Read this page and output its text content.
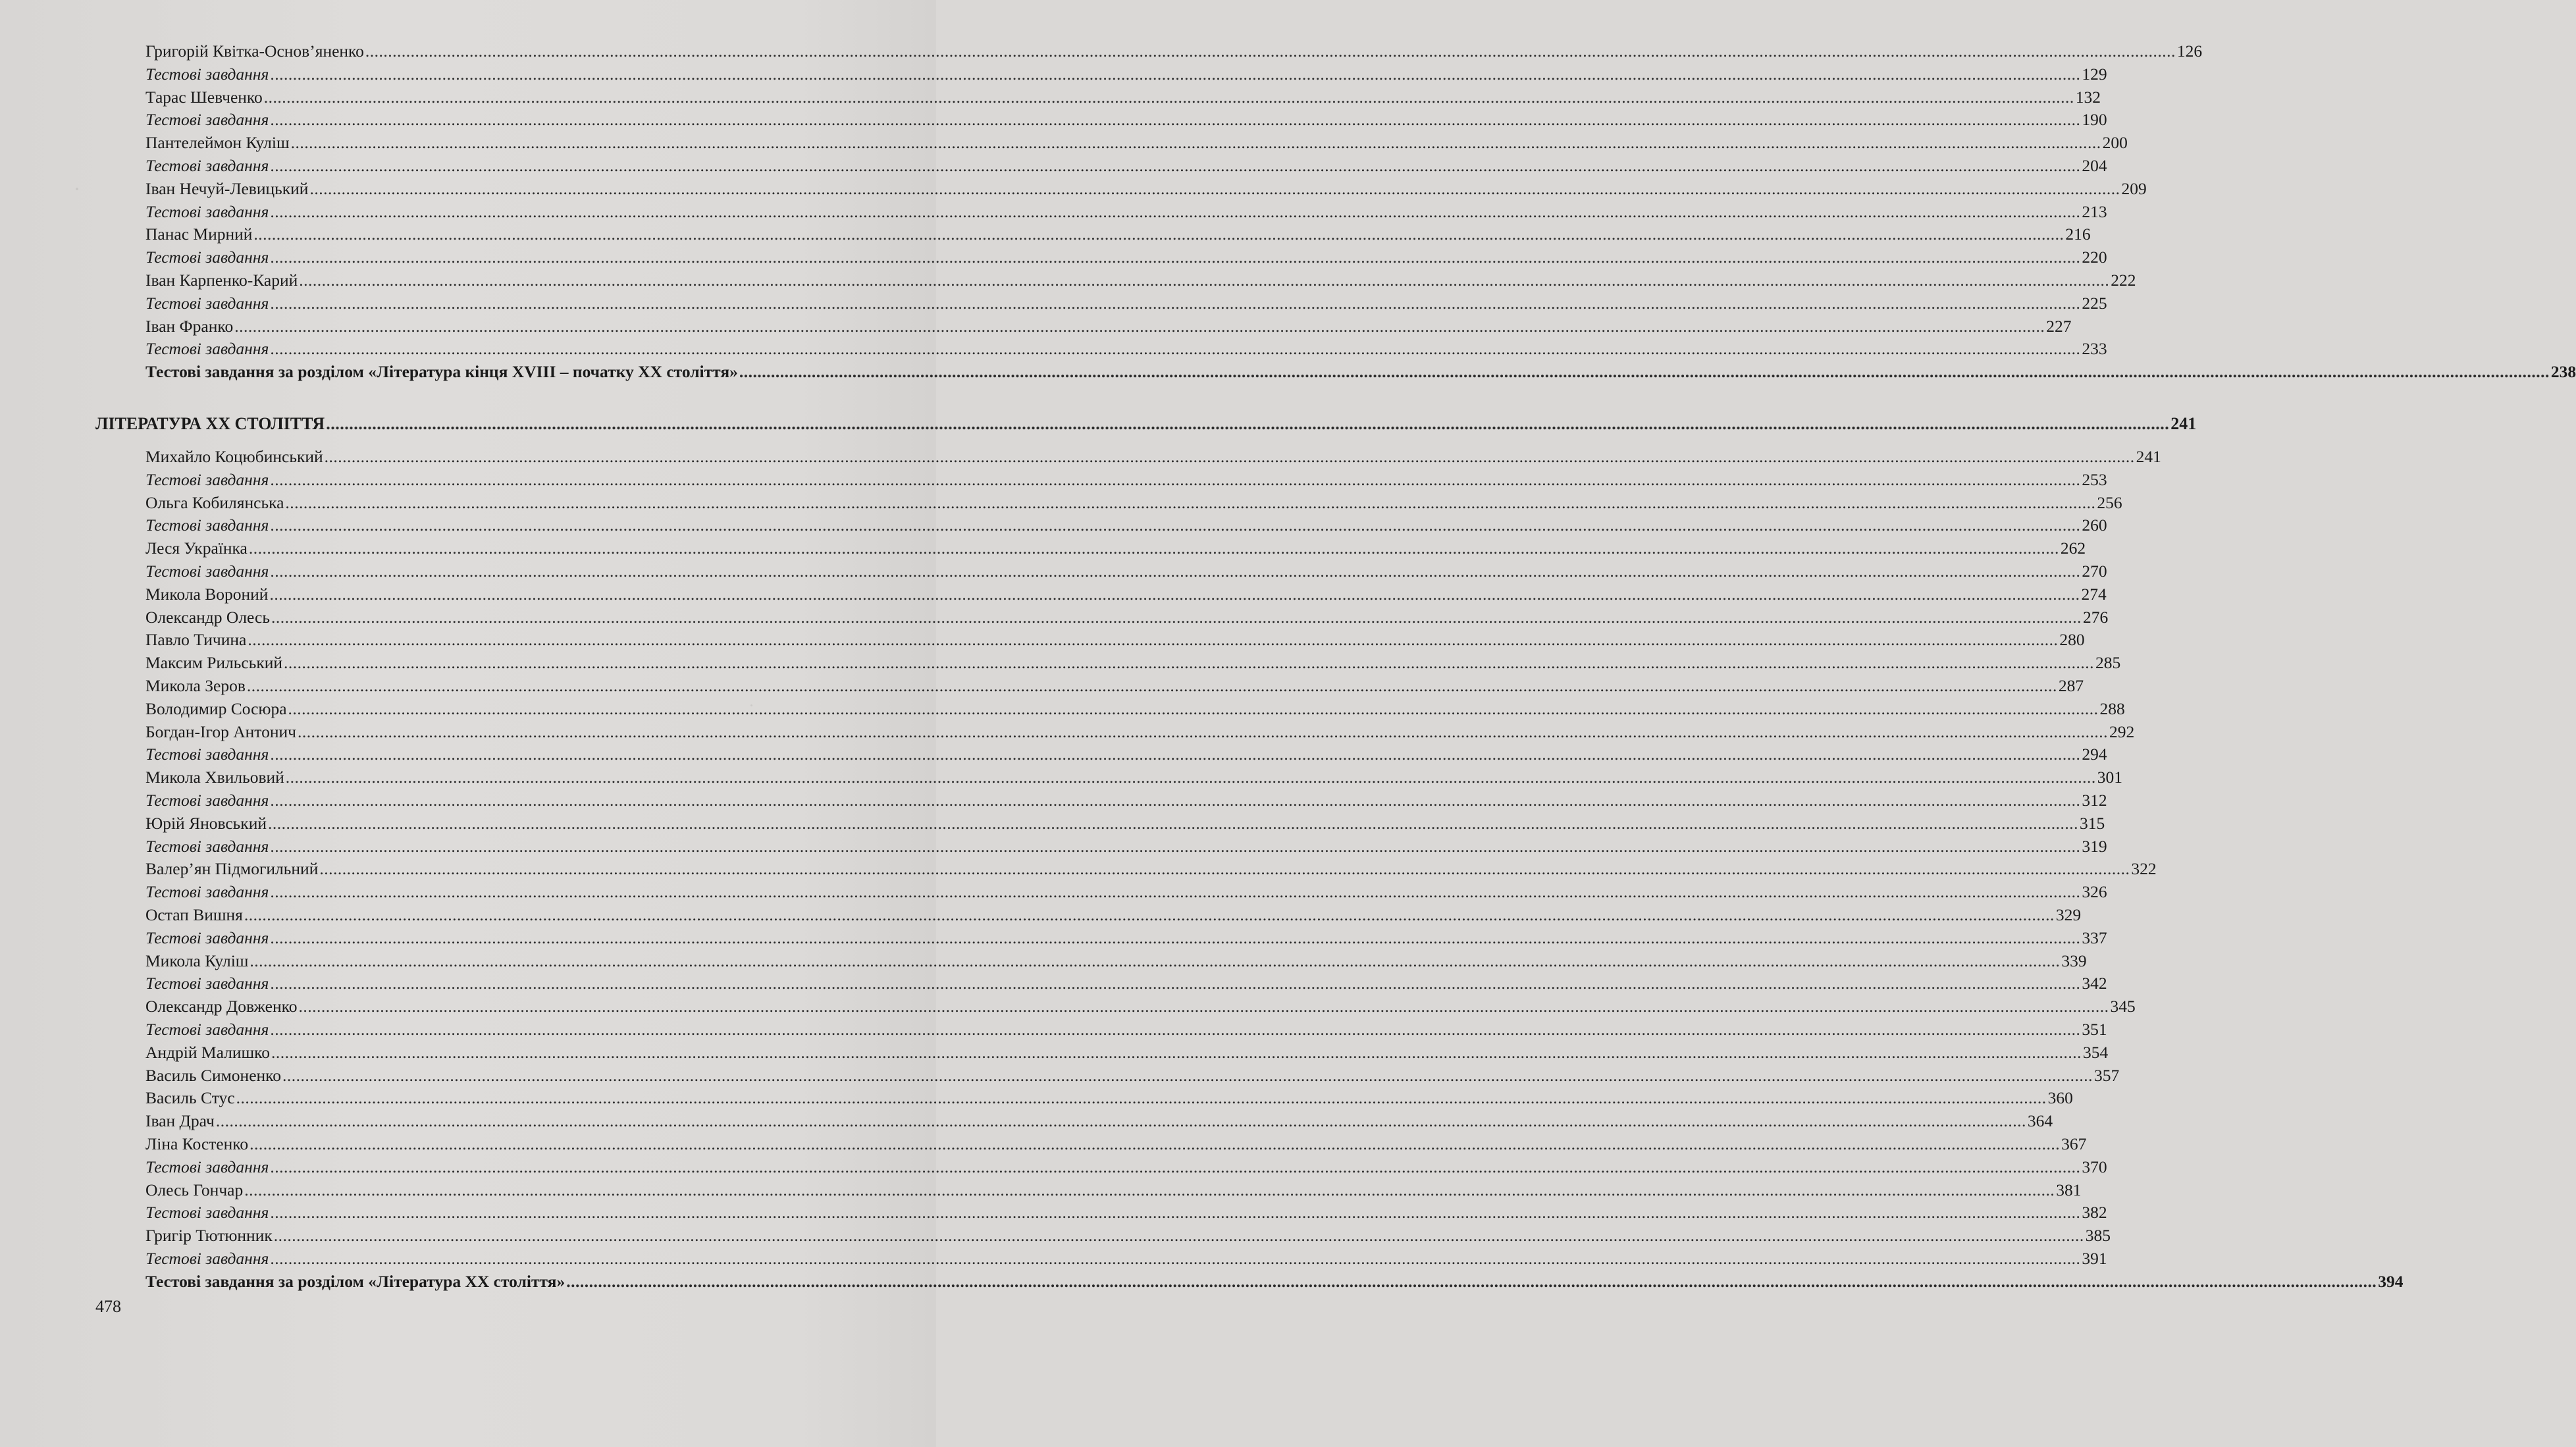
Григорій Квітка-Основ’яненко ................................................................................................................................................................................................................................................................................................................................................................................................................ 126
Тестові завдання ................................................................................................................................................................................................................................................................................................................................................................................................................ 129
Тарас Шевченко ................................................................................................................................................................................................................................................................................................................................................................................................................ 132
Тестові завдання ................................................................................................................................................................................................................................................................................................................................................................................................................ 190
Пантелеймон Куліш ................................................................................................................................................................................................................................................................................................................................................................................................................ 200
Тестові завдання ................................................................................................................................................................................................................................................................................................................................................................................................................ 204
Іван Нечуй-Левицький ................................................................................................................................................................................................................................................................................................................................................................................................................ 209
Тестові завдання ................................................................................................................................................................................................................................................................................................................................................................................................................ 213
Панас Мирний ................................................................................................................................................................................................................................................................................................................................................................................................................ 216
Тестові завдання ................................................................................................................................................................................................................................................................................................................................................................................................................ 220
Іван Карпенко-Карий ................................................................................................................................................................................................................................................................................................................................................................................................................ 222
Тестові завдання ................................................................................................................................................................................................................................................................................................................................................................................................................ 225
Іван Франко ................................................................................................................................................................................................................................................................................................................................................................................................................ 227
Тестові завдання ................................................................................................................................................................................................................................................................................................................................................................................................................ 233
Тестові завдання за розділом «Література кінця XVIII – початку XX століття» ................................................................................................................................................................................................................................................................................................................................................................................................................ 238
ЛІТЕРАТУРА XX СТОЛІТТЯ ................................................................................................................................................................................................................................................................................................................................................................................................................ 241
Михайло Коцюбинський ................................................................................................................................................................................................................................................................................................................................................................................................................ 241
Тестові завдання ................................................................................................................................................................................................................................................................................................................................................................................................................ 253
Ольга Кобилянська ................................................................................................................................................................................................................................................................................................................................................................................................................ 256
Тестові завдання ................................................................................................................................................................................................................................................................................................................................................................................................................ 260
Леся Українка ................................................................................................................................................................................................................................................................................................................................................................................................................ 262
Тестові завдання ................................................................................................................................................................................................................................................................................................................................................................................................................ 270
Микола Вороний ................................................................................................................................................................................................................................................................................................................................................................................................................ 274
Олександр Олесь ................................................................................................................................................................................................................................................................................................................................................................................................................ 276
Павло Тичина ................................................................................................................................................................................................................................................................................................................................................................................................................ 280
Максим Рильський ................................................................................................................................................................................................................................................................................................................................................................................................................ 285
Микола Зеров ................................................................................................................................................................................................................................................................................................................................................................................................................ 287
Володимир Сосюра ................................................................................................................................................................................................................................................................................................................................................................................................................ 288
Богдан-Ігор Антонич ................................................................................................................................................................................................................................................................................................................................................................................................................ 292
Тестові завдання ................................................................................................................................................................................................................................................................................................................................................................................................................ 294
Микола Хвильовий ................................................................................................................................................................................................................................................................................................................................................................................................................ 301
Тестові завдання ................................................................................................................................................................................................................................................................................................................................................................................................................ 312
Юрій Яновський ................................................................................................................................................................................................................................................................................................................................................................................................................ 315
Тестові завдання ................................................................................................................................................................................................................................................................................................................................................................................................................ 319
Валер’ян Підмогильний ................................................................................................................................................................................................................................................................................................................................................................................................................ 322
Тестові завдання ................................................................................................................................................................................................................................................................................................................................................................................................................ 326
Остап Вишня ................................................................................................................................................................................................................................................................................................................................................................................................................ 329
Тестові завдання ................................................................................................................................................................................................................................................................................................................................................................................................................ 337
Микола Куліш ................................................................................................................................................................................................................................................................................................................................................................................................................ 339
Тестові завдання ................................................................................................................................................................................................................................................................................................................................................................................................................ 342
Олександр Довженко ................................................................................................................................................................................................................................................................................................................................................................................................................ 345
Тестові завдання ................................................................................................................................................................................................................................................................................................................................................................................................................ 351
Андрій Малишко ................................................................................................................................................................................................................................................................................................................................................................................................................ 354
Василь Симоненко ................................................................................................................................................................................................................................................................................................................................................................................................................ 357
Василь Стус ................................................................................................................................................................................................................................................................................................................................................................................................................ 360
Іван Драч ................................................................................................................................................................................................................................................................................................................................................................................................................ 364
Ліна Костенко ................................................................................................................................................................................................................................................................................................................................................................................................................ 367
Тестові завдання ................................................................................................................................................................................................................................................................................................................................................................................................................ 370
Олесь Гончар ................................................................................................................................................................................................................................................................................................................................................................................................................ 381
Тестові завдання ................................................................................................................................................................................................................................................................................................................................................................................................................ 382
Григір Тютюнник ................................................................................................................................................................................................................................................................................................................................................................................................................ 385
Тестові завдання ................................................................................................................................................................................................................................................................................................................................................................................................................ 391
Тестові завдання за розділом «Література XX століття» ................................................................................................................................................................................................................................................................................................................................................................................................................ 394
478
